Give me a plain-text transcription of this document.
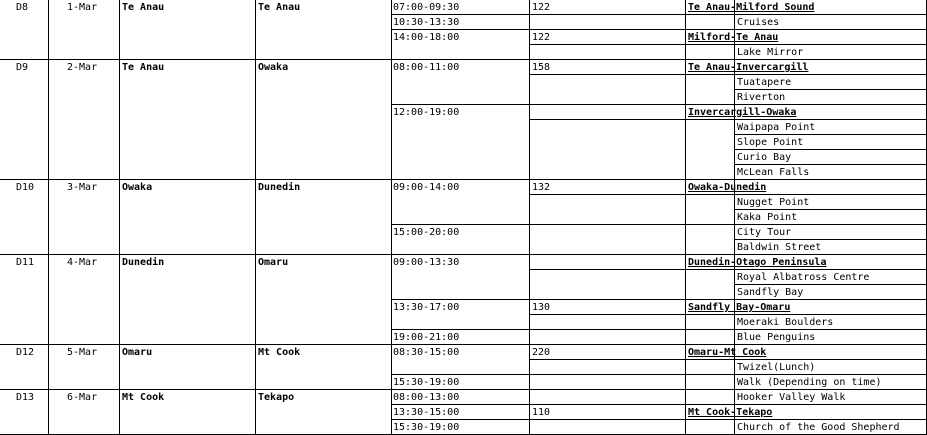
D8	1-Mar	Te Anau	Te Anau	07:00-09:30	122	Te Anau-Milford Sound
10:30-13:30	Cruises
14:00-18:00	122	Milford-Te Anau
Lake Mirror
D9	2-Mar	Te Anau	Owaka	08:00-11:00	158	Te Anau-Invercargill
Tuatapere
Riverton
12:00-19:00	Invercargill-Owaka
Waipapa Point
Slope Point
Curio Bay
McLean Falls
D10	3-Mar	Owaka	Dunedin	09:00-14:00	132	Owaka-Dunedin
Nugget Point
Kaka Point
15:00-20:00	City Tour
Baldwin Street
D11	4-Mar	Dunedin	Omaru	09:00-13:30	Dunedin-Otago Peninsula
Royal Albatross Centre
Sandfly Bay
13:30-17:00	130	Sandfly Bay-Omaru
Moeraki Boulders
19:00-21:00	Blue Penguins
D12	5-Mar	Omaru	Mt Cook	08:30-15:00	220	Omaru-Mt Cook
Twizel(Lunch)
15:30-19:00	Walk (Depending on time)
D13	6-Mar	Mt Cook	Tekapo	08:00-13:00	Hooker Valley Walk
13:30-15:00	110	Mt Cook-Tekapo
15:30-19:00	Church of the Good Shepherd
